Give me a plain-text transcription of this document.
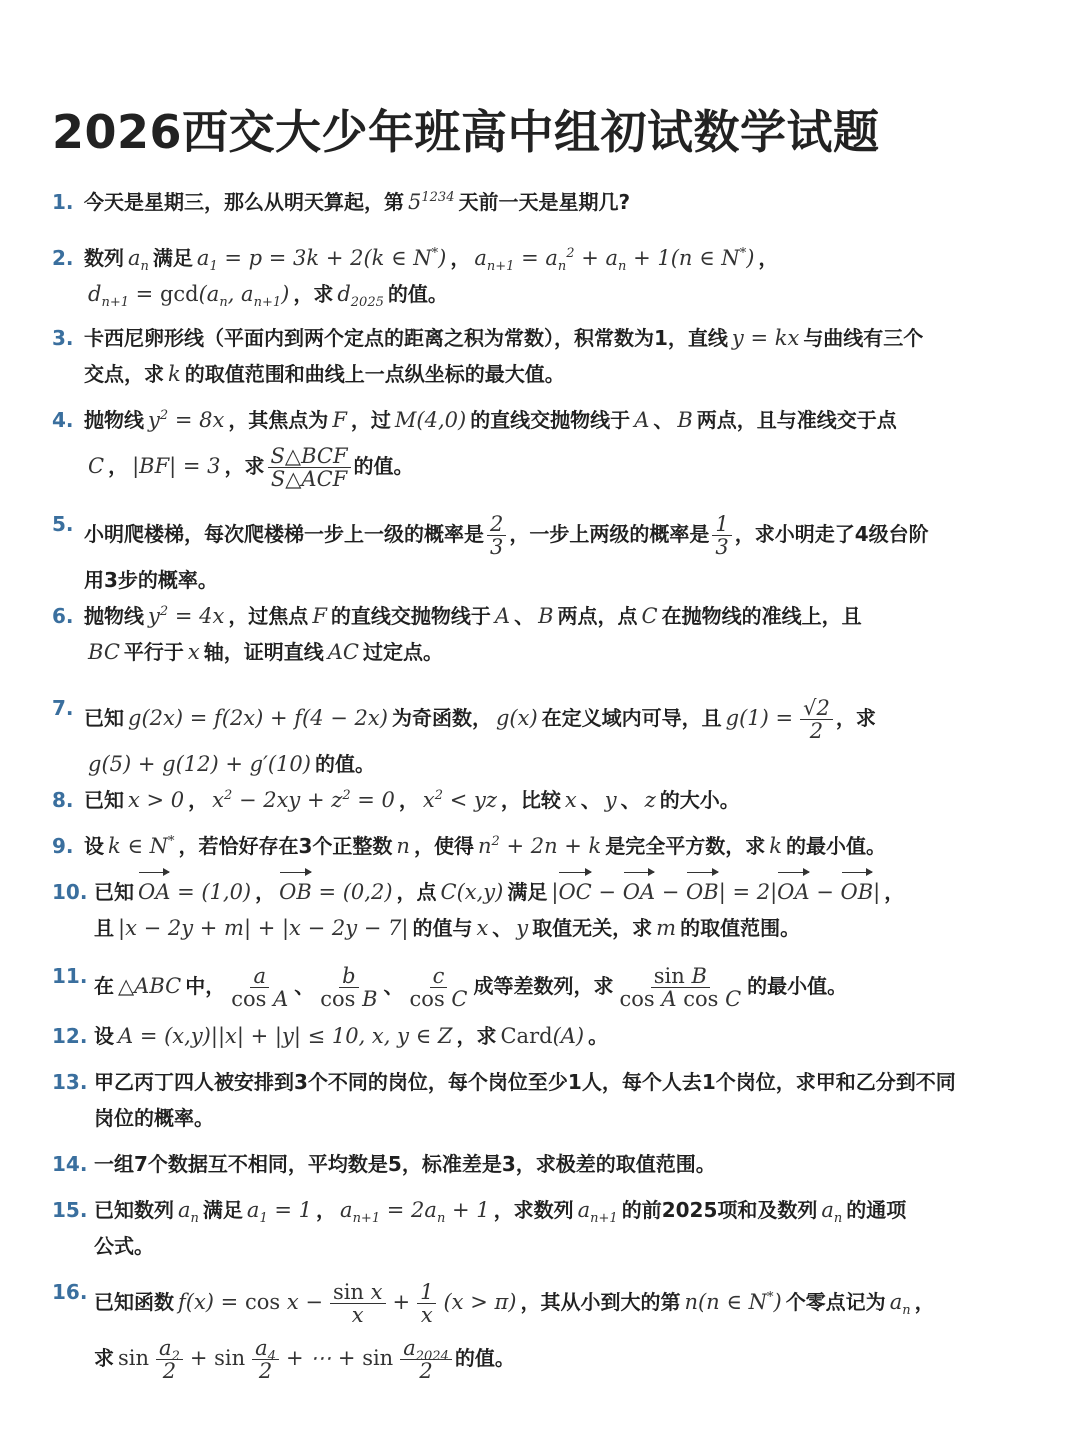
2026西交大少年班高中组初试数学试题
1. 今天是星期三，那么从明天算起，第 $5^{1234}$ 天前一天是星期几?
2. 数列 $a_n$ 满足 $a_1 = p = 3k + 2(k$ ∈ N*) ， $a_{n+1} = a_n^2 + a_n + 1(n$ ∈ N*) ，
$d_{n+1} = \gcd(a_n$, $a_{n+1}$) ，求 $d_{2025}$ 的值。
3. 卡西尼卵形线（平面内到两个定点的距离之积为常数），积常数为1，直线 y = kx 与曲线有三个
交点，求 k 的取值范围和曲线上一点纵坐标的最大值。
4. 抛物线 $y^2 = 8x$ ，其焦点为 F ，过 M(4,0) 的直线交抛物线于 A 、 B 两点，且与准线交于点
C ， |BF| = 3 ，求 $\frac{\text{S△BCF}}{\text{S△ACF}}$ 的值。
5. 小明爬楼梯，每次爬楼梯一步上一级的概率是 $\frac{2}{3}$ ，一步上两级的概率是 $\frac{1}{3}$ ，求小明走了4级台阶
用3步的概率。
6. 抛物线 $y^2 = 4x$ ，过焦点 F 的直线交抛物线于 A 、 B 两点，点 C 在抛物线的准线上，且
BC 平行于 x 轴，证明直线 AC 过定点。
7. 已知 g(2x) = f(2x) + f(4 − 2x) 为奇函数， g(x) 在定义域内可导，且 $g(1) = \frac{√2}{2}$ ，求
g(5) + g(12) + g′(10) 的值。
8. 已知 x > 0 ， $x^2 - 2xy + z^2 = 0$ ， $x^2$ < yz ，比较 x 、 y 、 z 的大小。
9. 设 k ∈ N* ，若恰好存在3个正整数 n ，使得 $n^2 + 2n + k$ 是完全平方数，求 k 的最小值。
10. 已知 OA = (1,0) ， OB = (0,2) ，点 C(x,y) 满足 |OC − OA − OB| = 2|OA − OB| ，
且 |x − 2y + m| + |x − 2y − 7| 的值与 x 、 y 取值无关，求 m 的取值范围。
11. 在 △ABC 中， $\frac{a}{\text{cos A}}$ 、 $\frac{b}{\text{cos B}}$ 、 $\frac{c}{\text{cos C}}$ 成等差数列，求 $\frac{\text{sin B}}{\text{cos A cos C}}$ 的最小值。
12. 设 A = (x,y)||x| + |y| ≤ 10, x, y ∈ Z ，求 Card(A) 。
13. 甲乙丙丁四人被安排到3个不同的岗位，每个岗位至少1人，每个人去1个岗位，求甲和乙分到不同
岗位的概率。
14. 一组7个数据互不相同，平均数是5，标准差是3，求极差的取值范围。
15. 已知数列 $a_n$ 满足 $a_1 = 1$ ， $a_{n+1} = 2a_n + 1$ ，求数列 $a_{n+1}$ 的前2025项和及数列 $a_n$ 的通项
公式。
16. 已知函数 $f(x) = \cos x - \frac{\text{sin x}}{x} + \frac{1}{x} (x > \pi)$ ，其从小到大的第 n(n ∈ N*) 个零点记为 $a_n$ ，
求 $\sin \frac{a_2}{2} + \sin \frac{a_4}{2}$ + ⋯ + $\sin \frac{a_{2024}}{2}$ 的值。
